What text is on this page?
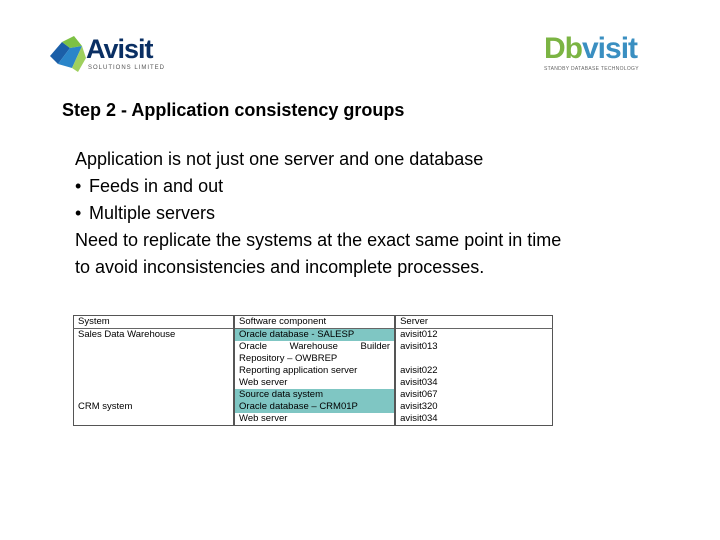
Avisit
SOLUTIONS LIMITED
Dbvisit
STANDBY DATABASE TECHNOLOGY
Step 2 - Application consistency groups

Application is not just one server and one database

• Feeds in and out

• Multiple servers

Need to replicate the systems at the exact same point in time to avoid inconsistencies and incomplete processes.

System	Software component	Server
Sales Data Warehouse	Oracle database - SALESP	avisit012
	Oracle Warehouse Builder	avisit013
	Repository – OWBREP	
	Reporting application server	avisit022
	Web server	avisit034
	Source data system	avisit067
CRM system	Oracle database – CRM01P	avisit320
	Web server	avisit034
